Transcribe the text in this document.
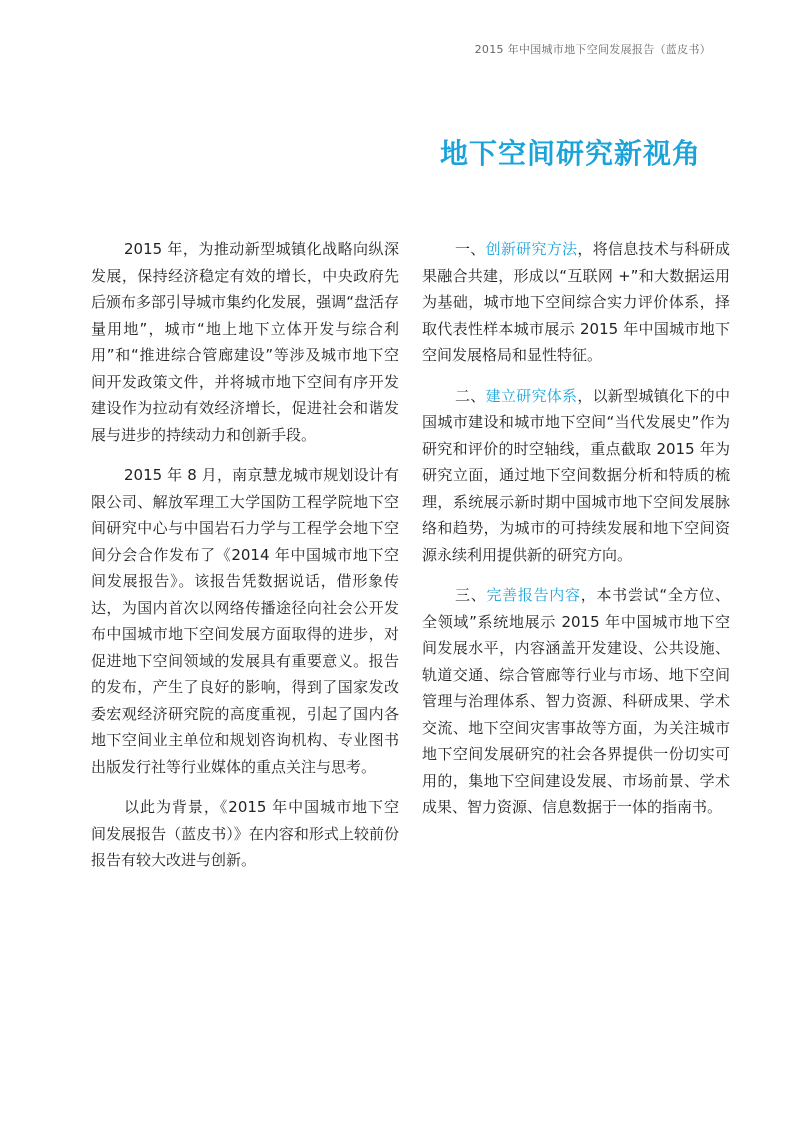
2015 年中国城市地下空间发展报告（蓝皮书）
地下空间研究新视角

2015 年，为推动新型城镇化战略向纵深发展，保持经济稳定有效的增长，中央政府先后颁布多部引导城市集约化发展，强调“盘活存量用地”，城市“地上地下立体开发与综合利用”和“推进综合管廊建设”等涉及城市地下空间开发政策文件，并将城市地下空间有序开发建设作为拉动有效经济增长，促进社会和谐发展与进步的持续动力和创新手段。

2015 年 8 月，南京慧龙城市规划设计有限公司、解放军理工大学国防工程学院地下空间研究中心与中国岩石力学与工程学会地下空间分会合作发布了《2014 年中国城市地下空间发展报告》。该报告凭数据说话，借形象传达，为国内首次以网络传播途径向社会公开发布中国城市地下空间发展方面取得的进步，对促进地下空间领域的发展具有重要意义。报告的发布，产生了良好的影响，得到了国家发改委宏观经济研究院的高度重视，引起了国内各地下空间业主单位和规划咨询机构、专业图书出版发行社等行业媒体的重点关注与思考。

以此为背景，《2015 年中国城市地下空间发展报告（蓝皮书）》在内容和形式上较前份报告有较大改进与创新。

一、创新研究方法，将信息技术与科研成果融合共建，形成以“互联网 +”和大数据运用为基础，城市地下空间综合实力评价体系，择取代表性样本城市展示 2015 年中国城市地下空间发展格局和显性特征。

二、建立研究体系，以新型城镇化下的中国城市建设和城市地下空间“当代发展史”作为研究和评价的时空轴线，重点截取 2015 年为研究立面，通过地下空间数据分析和特质的梳理，系统展示新时期中国城市地下空间发展脉络和趋势，为城市的可持续发展和地下空间资源永续利用提供新的研究方向。

三、完善报告内容，本书尝试“全方位、全领域”系统地展示 2015 年中国城市地下空间发展水平，内容涵盖开发建设、公共设施、轨道交通、综合管廊等行业与市场、地下空间管理与治理体系、智力资源、科研成果、学术交流、地下空间灾害事故等方面，为关注城市地下空间发展研究的社会各界提供一份切实可用的，集地下空间建设发展、市场前景、学术成果、智力资源、信息数据于一体的指南书。
